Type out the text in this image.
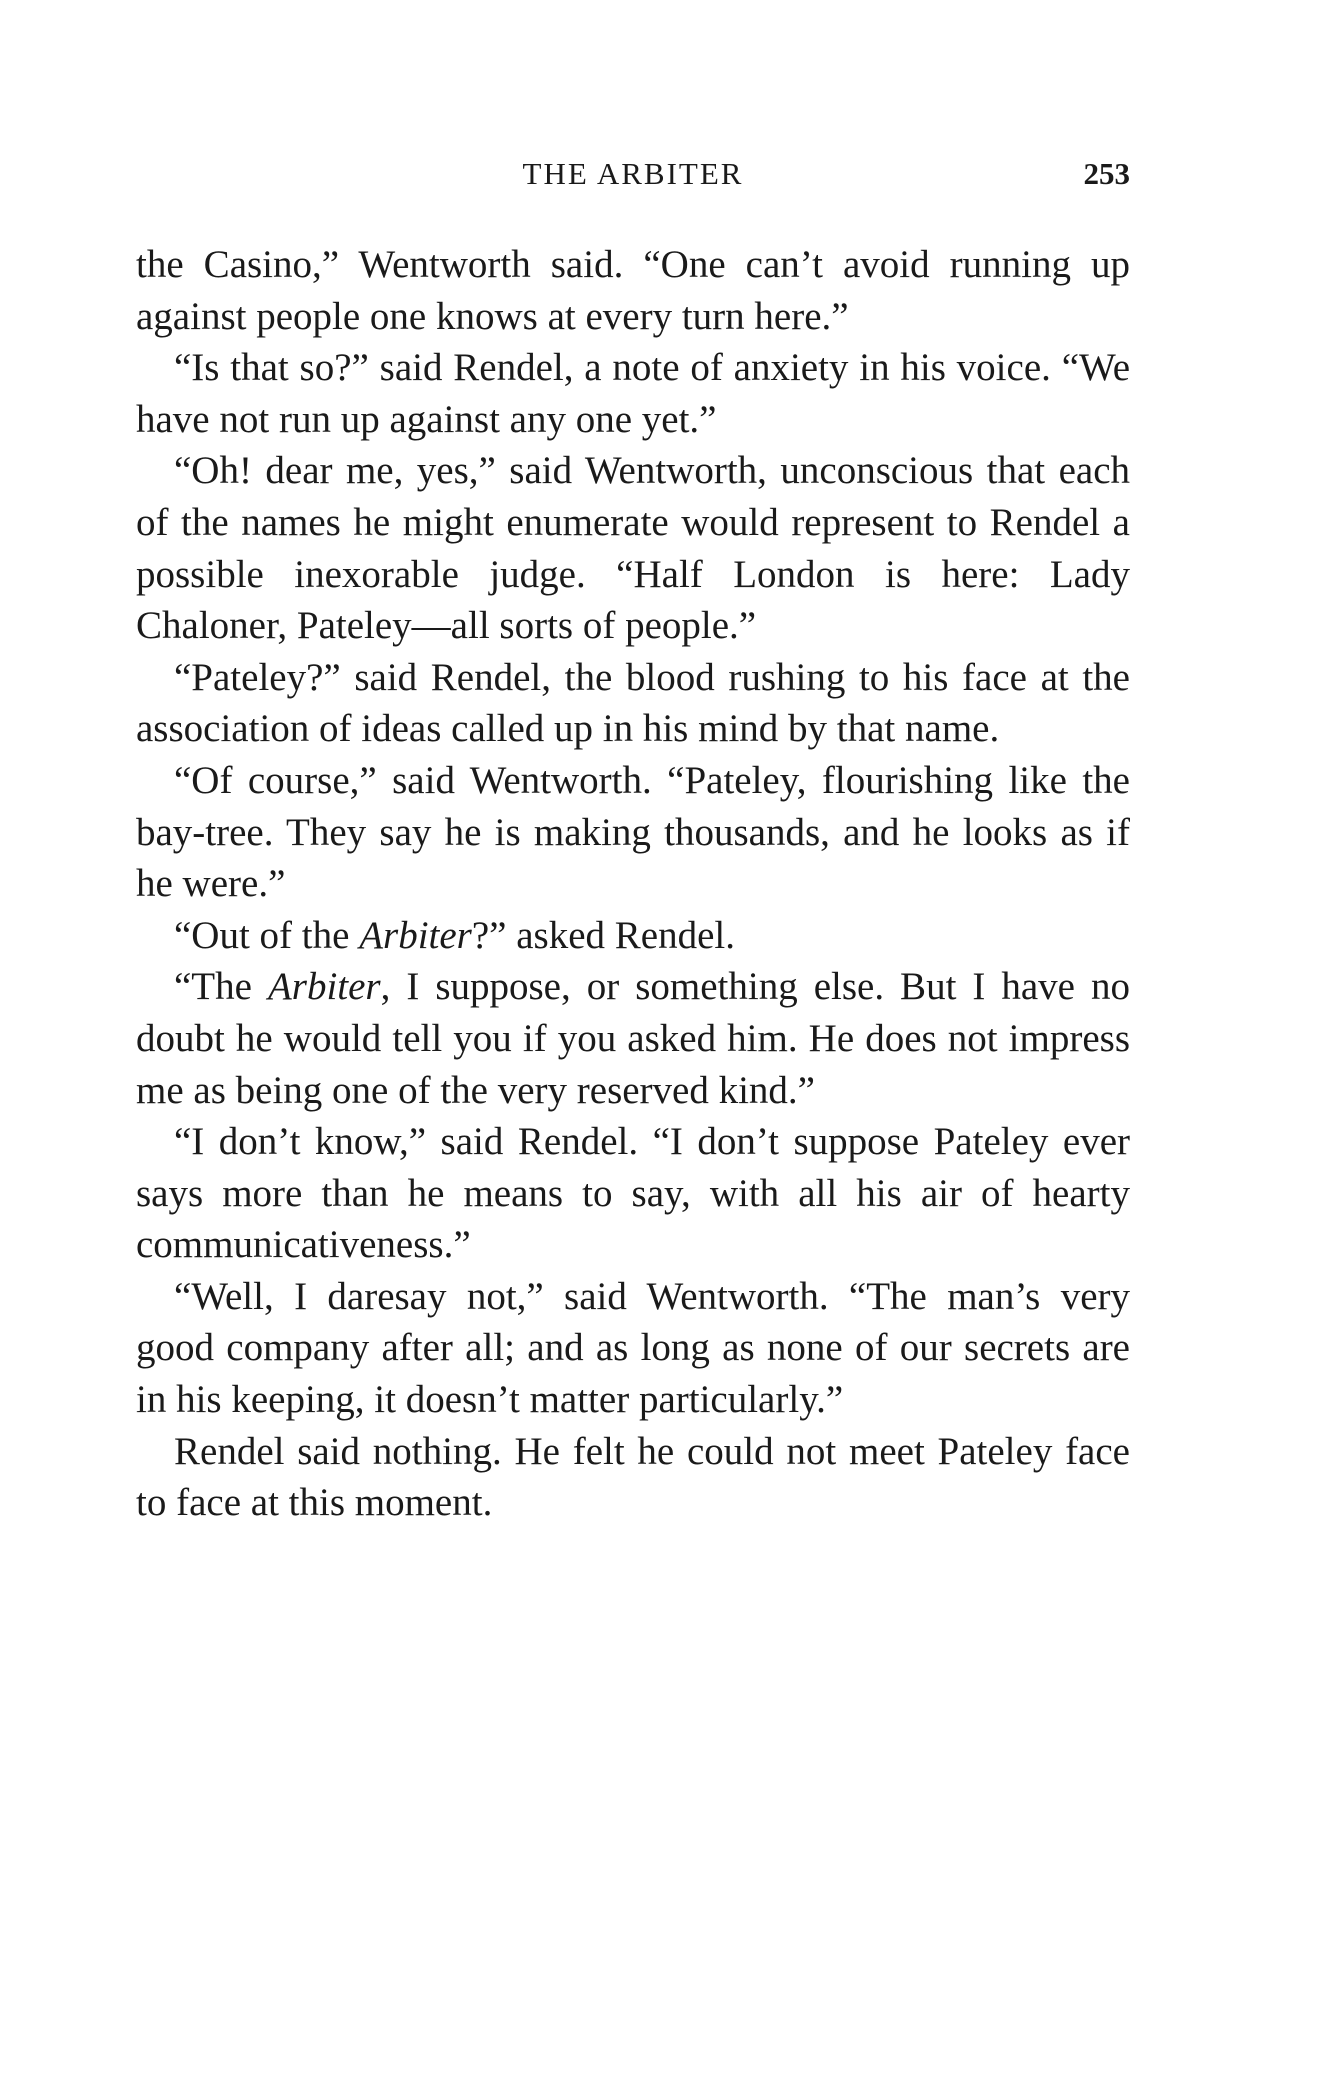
THE ARBITER	253

the Casino,” Wentworth said. “One can’t avoid running up against people one knows at every turn here.”

“Is that so?” said Rendel, a note of anxiety in his voice. “We have not run up against any one yet.”

“Oh! dear me, yes,” said Wentworth, unconscious that each of the names he might enumerate would represent to Rendel a possible inexorable judge. “Half London is here: Lady Chaloner, Pateley—all sorts of people.”

“Pateley?” said Rendel, the blood rushing to his face at the association of ideas called up in his mind by that name.

“Of course,” said Wentworth. “Pateley, flourishing like the bay-tree. They say he is making thousands, and he looks as if he were.”

“Out of the Arbiter?” asked Rendel.

“The Arbiter, I suppose, or something else. But I have no doubt he would tell you if you asked him. He does not impress me as being one of the very reserved kind.”

“I don’t know,” said Rendel. “I don’t suppose Pateley ever says more than he means to say, with all his air of hearty communicativeness.”

“Well, I daresay not,” said Wentworth. “The man’s very good company after all; and as long as none of our secrets are in his keeping, it doesn’t matter particularly.”

Rendel said nothing. He felt he could not meet Pateley face to face at this moment.
